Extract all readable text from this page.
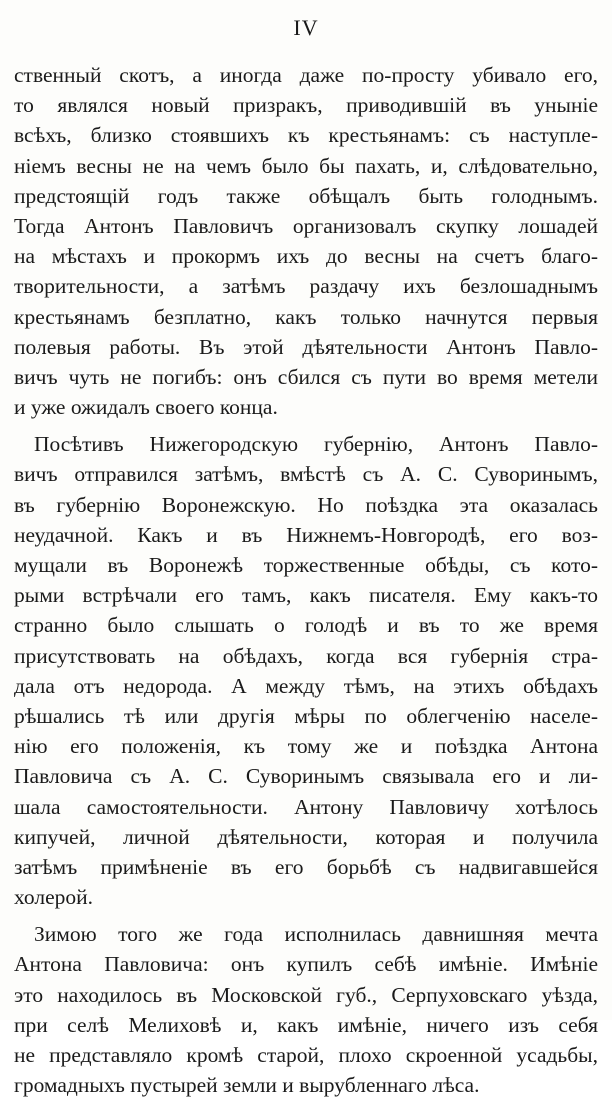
IV
ственный скотъ, а иногда даже по-просту убивало его,
то являлся новый призракъ, приводившій въ уныніе
всѣхъ, близко стоявшихъ къ крестьянамъ: съ наступле-
ніемъ весны не на чемъ было бы пахать, и, слѣдовательно,
предстоящій годъ также обѣщалъ быть голоднымъ.
Тогда Антонъ Павловичъ организовалъ скупку лошадей
на мѣстахъ и прокормъ ихъ до весны на счетъ благо-
творительности, а затѣмъ раздачу ихъ безлошаднымъ
крестьянамъ безплатно, какъ только начнутся первыя
полевыя работы. Въ этой дѣятельности Антонъ Павло-
вичъ чуть не погибъ: онъ сбился съ пути во время метели
и уже ожидалъ своего конца.
Посѣтивъ Нижегородскую губернію, Антонъ Павло-
вичъ отправился затѣмъ, вмѣстѣ съ А. С. Суворинымъ,
въ губернію Воронежскую. Но поѣздка эта оказалась
неудачной. Какъ и въ Нижнемъ-Новгородѣ, его воз-
мущали въ Воронежѣ торжественные обѣды, съ кото-
рыми встрѣчали его тамъ, какъ писателя. Ему какъ-то
странно было слышать о голодѣ и въ то же время
присутствовать на обѣдахъ, когда вся губернія стра-
дала отъ недорода. А между тѣмъ, на этихъ обѣдахъ
рѣшались тѣ или другія мѣры по облегченію населе-
нію его положенія, къ тому же и поѣздка Антона
Павловича съ А. С. Суворинымъ связывала его и ли-
шала самостоятельности. Антону Павловичу хотѣлось
кипучей, личной дѣятельности, которая и получила
затѣмъ примѣненіе въ его борьбѣ съ надвигавшейся
холерой.
Зимою того же года исполнилась давнишняя мечта
Антона Павловича: онъ купилъ себѣ имѣніе. Имѣніе
это находилось въ Московской губ., Серпуховскаго уѣзда,
при селѣ Мелиховѣ и, какъ имѣніе, ничего изъ себя
не представляло кромѣ старой, плохо скроенной усадьбы,
громадныхъ пустырей земли и вырубленнаго лѣса.
